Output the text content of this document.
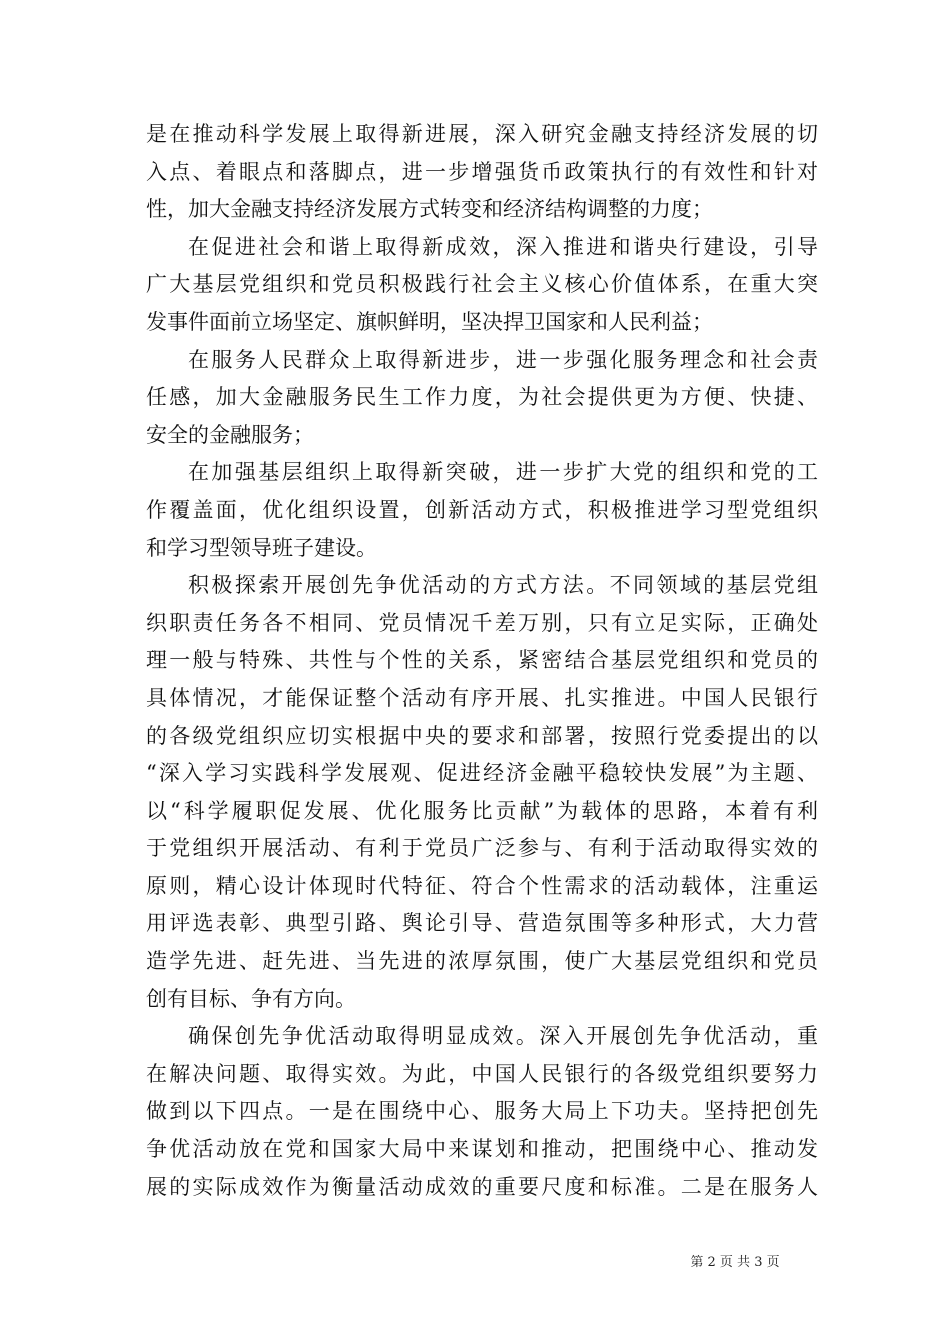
是在推动科学发展上取得新进展，深入研究金融支持经济发展的切
入点、着眼点和落脚点，进一步增强货币政策执行的有效性和针对
性，加大金融支持经济发展方式转变和经济结构调整的力度；
在促进社会和谐上取得新成效，深入推进和谐央行建设，引导
广大基层党组织和党员积极践行社会主义核心价值体系，在重大突
发事件面前立场坚定、旗帜鲜明，坚决捍卫国家和人民利益；
在服务人民群众上取得新进步，进一步强化服务理念和社会责
任感，加大金融服务民生工作力度，为社会提供更为方便、快捷、
安全的金融服务；
在加强基层组织上取得新突破，进一步扩大党的组织和党的工
作覆盖面，优化组织设置，创新活动方式，积极推进学习型党组织
和学习型领导班子建设。
积极探索开展创先争优活动的方式方法。不同领域的基层党组
织职责任务各不相同、党员情况千差万别，只有立足实际，正确处
理一般与特殊、共性与个性的关系，紧密结合基层党组织和党员的
具体情况，才能保证整个活动有序开展、扎实推进。中国人民银行
的各级党组织应切实根据中央的要求和部署，按照行党委提出的以
“深入学习实践科学发展观、促进经济金融平稳较快发展”为主题、
以“科学履职促发展、优化服务比贡献”为载体的思路，本着有利
于党组织开展活动、有利于党员广泛参与、有利于活动取得实效的
原则，精心设计体现时代特征、符合个性需求的活动载体，注重运
用评选表彰、典型引路、舆论引导、营造氛围等多种形式，大力营
造学先进、赶先进、当先进的浓厚氛围，使广大基层党组织和党员
创有目标、争有方向。
确保创先争优活动取得明显成效。深入开展创先争优活动，重
在解决问题、取得实效。为此，中国人民银行的各级党组织要努力
做到以下四点。一是在围绕中心、服务大局上下功夫。坚持把创先
争优活动放在党和国家大局中来谋划和推动，把围绕中心、推动发
展的实际成效作为衡量活动成效的重要尺度和标准。二是在服务人
第 2 页 共 3 页
